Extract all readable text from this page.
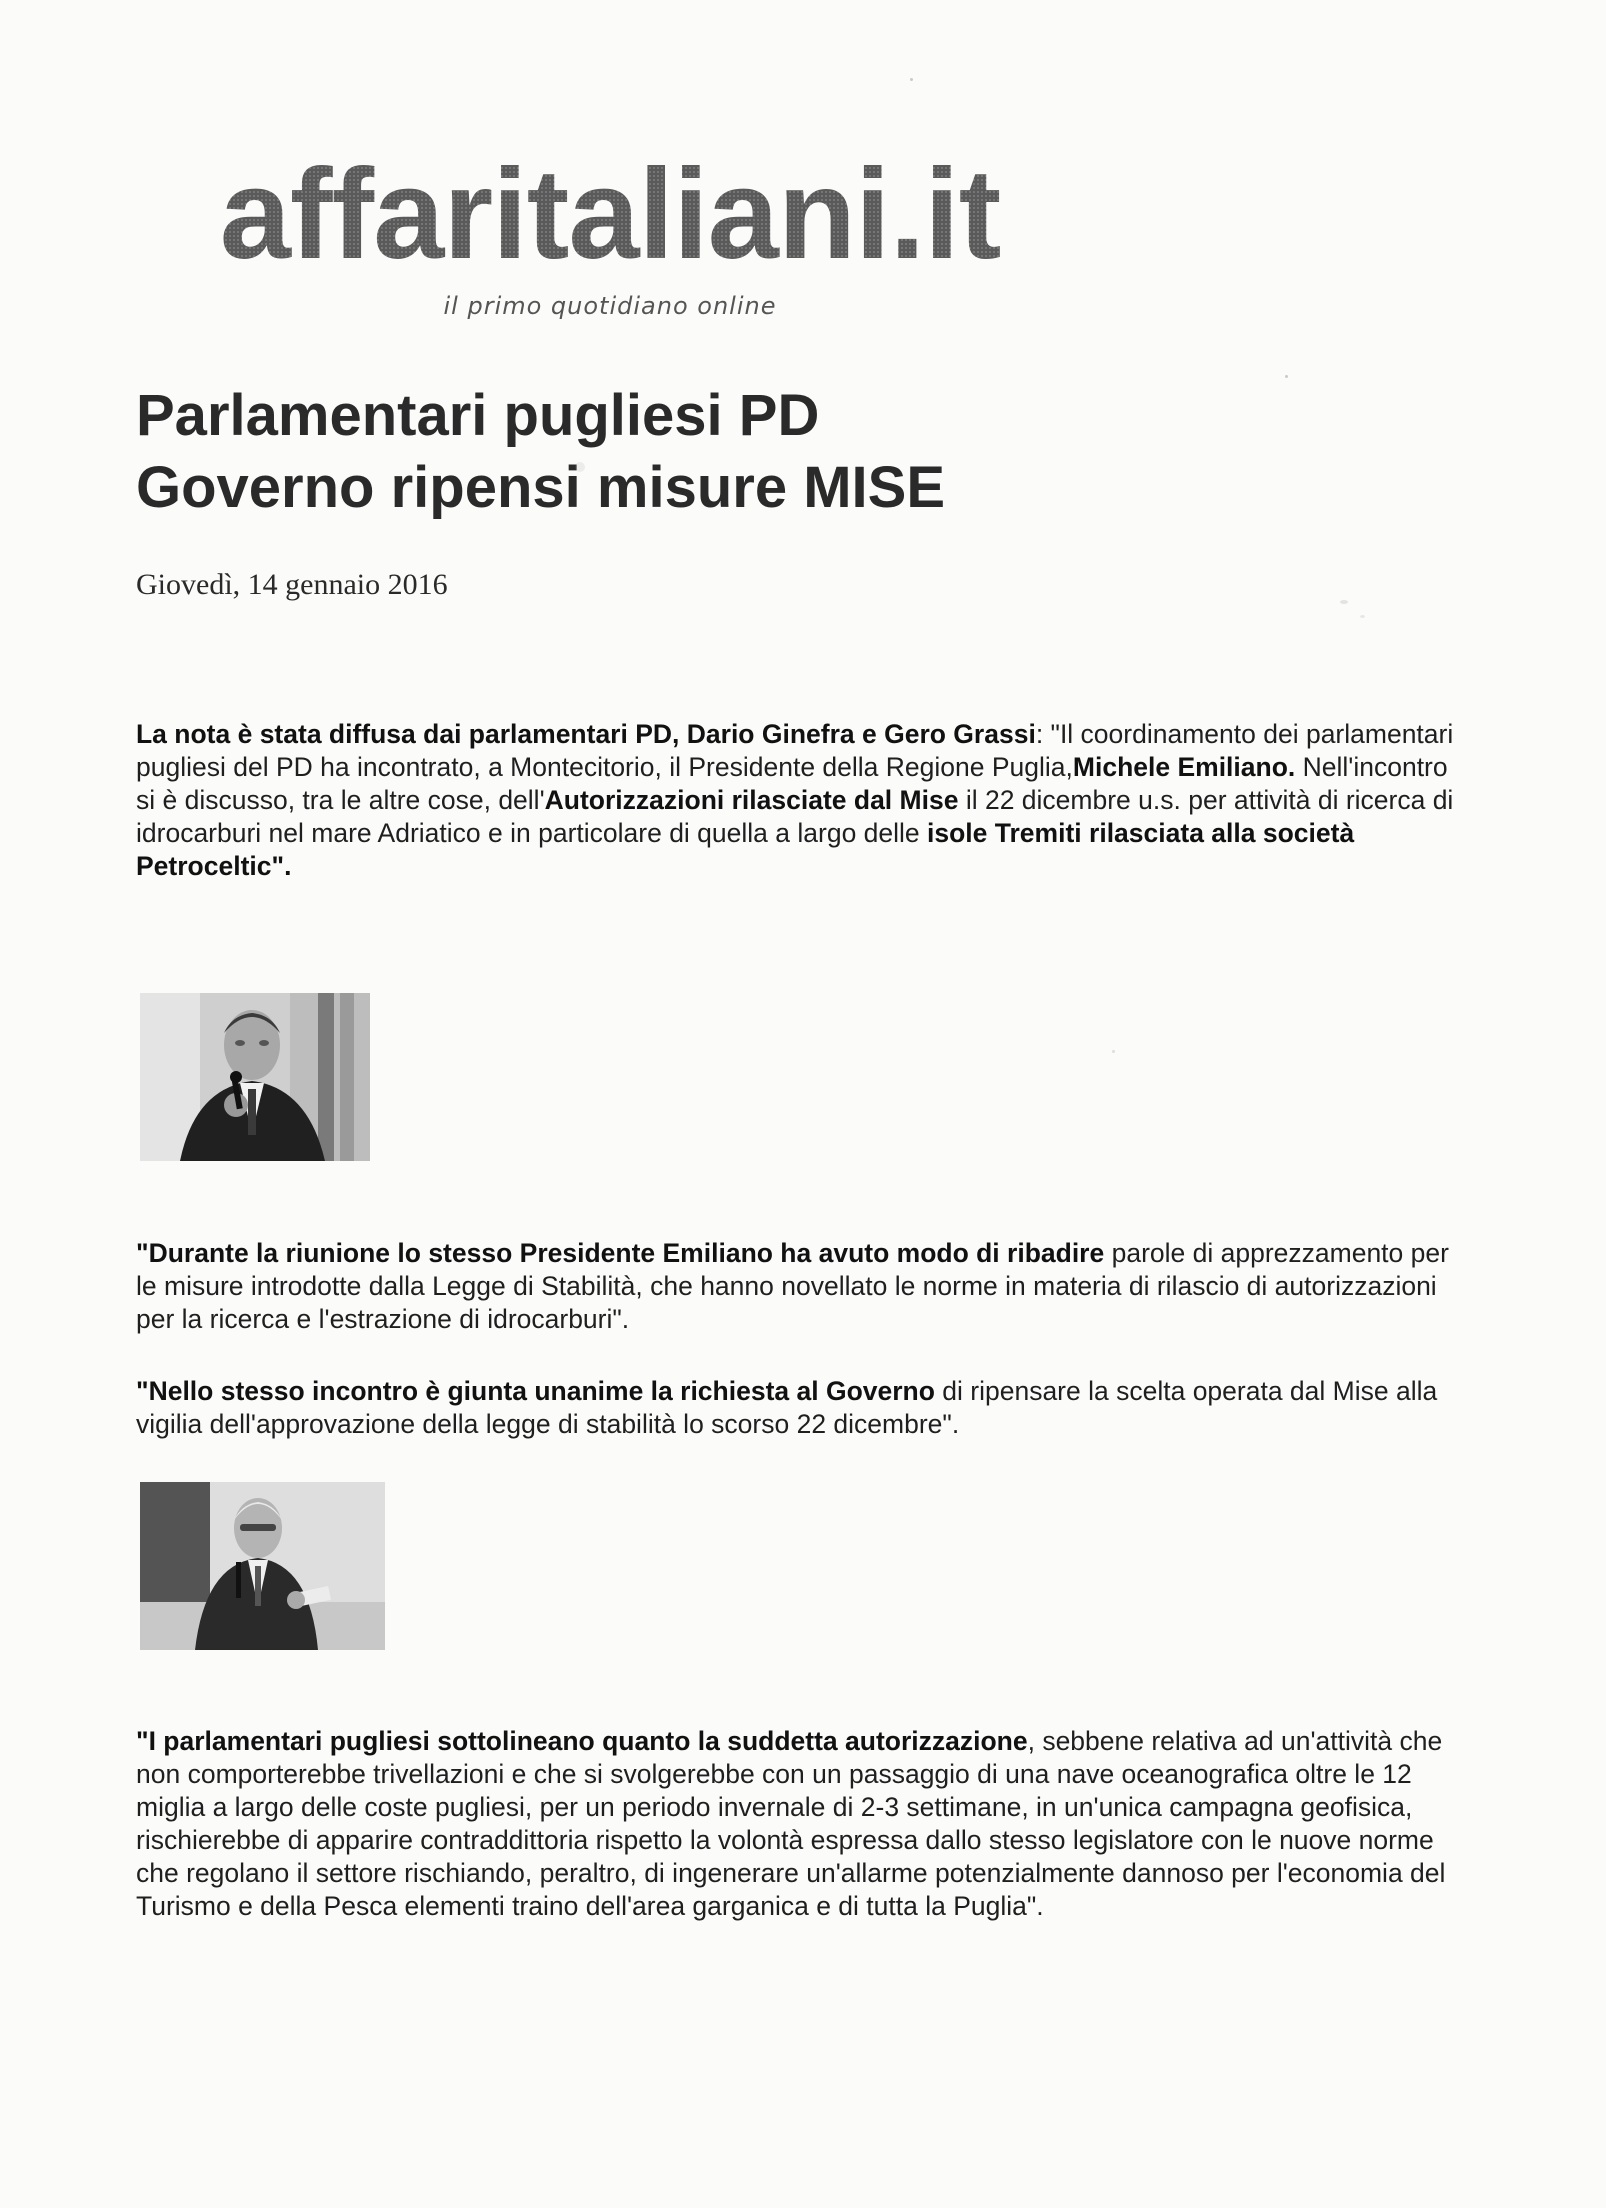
affaritaliani.it
il primo quotidiano online
Parlamentari pugliesi PD
Governo ripensi misure MISE
Giovedì, 14 gennaio 2016

La nota è stata diffusa dai parlamentari PD, Dario Ginefra e Gero Grassi: "Il coordinamento dei parlamentari pugliesi del PD ha incontrato, a Montecitorio, il Presidente della Regione Puglia,Michele Emiliano. Nell'incontro si è discusso, tra le altre cose, dell'Autorizzazioni rilasciate dal Mise il 22 dicembre u.s. per attività di ricerca di idrocarburi nel mare Adriatico e in particolare di quella a largo delle isole Tremiti rilasciata alla società Petroceltic".

"Durante la riunione lo stesso Presidente Emiliano ha avuto modo di ribadire parole di apprezzamento per le misure introdotte dalla Legge di Stabilità, che hanno novellato le norme in materia di rilascio di autorizzazioni per la ricerca e l'estrazione di idrocarburi".

"Nello stesso incontro è giunta unanime la richiesta al Governo di ripensare la scelta operata dal Mise alla vigilia dell'approvazione della legge di stabilità lo scorso 22 dicembre".

"I parlamentari pugliesi sottolineano quanto la suddetta autorizzazione, sebbene relativa ad un'attività che non comporterebbe trivellazioni e che si svolgerebbe con un passaggio di una nave oceanografica oltre le 12 miglia a largo delle coste pugliesi, per un periodo invernale di 2-3 settimane, in un'unica campagna geofisica, rischierebbe di apparire contraddittoria rispetto la volontà espressa dallo stesso legislatore con le nuove norme che regolano il settore rischiando, peraltro, di ingenerare un'allarme potenzialmente dannoso per l'economia del Turismo e della Pesca elementi traino dell'area garganica e di tutta la Puglia".
